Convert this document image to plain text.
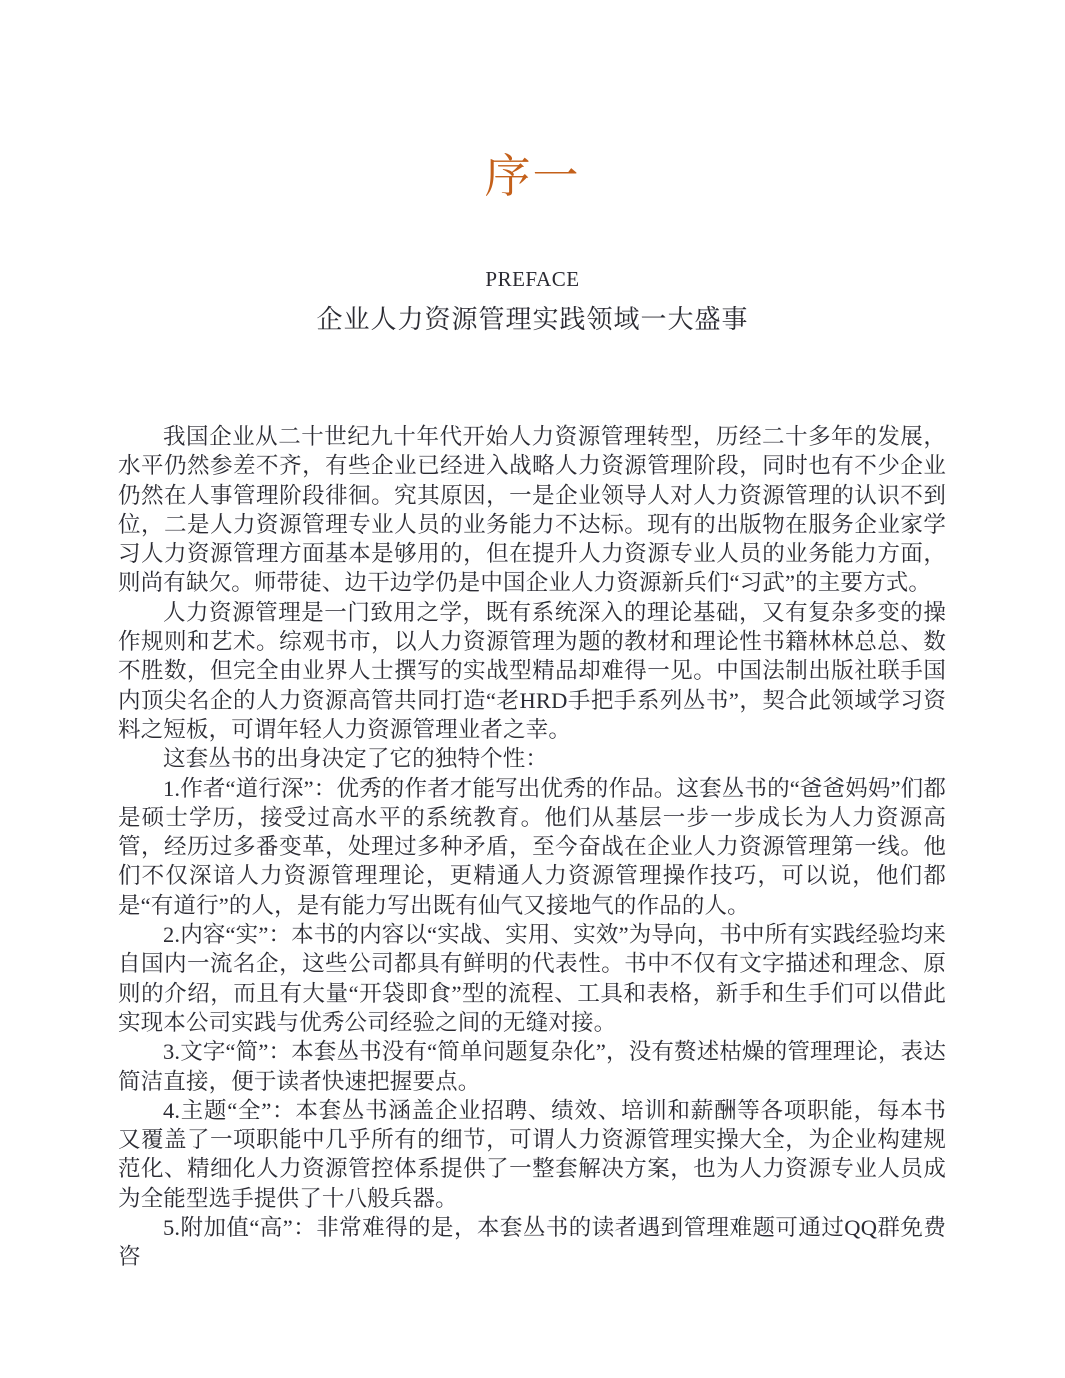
序一
PREFACE
企业人力资源管理实践领域一大盛事

我国企业从二十世纪九十年代开始人力资源管理转型，历经二十多年的发展，水平仍然参差不齐，有些企业已经进入战略人力资源管理阶段，同时也有不少企业仍然在人事管理阶段徘徊。究其原因，一是企业领导人对人力资源管理的认识不到位，二是人力资源管理专业人员的业务能力不达标。现有的出版物在服务企业家学习人力资源管理方面基本是够用的，但在提升人力资源专业人员的业务能力方面，则尚有缺欠。师带徒、边干边学仍是中国企业人力资源新兵们“习武”的主要方式。

人力资源管理是一门致用之学，既有系统深入的理论基础，又有复杂多变的操作规则和艺术。综观书市，以人力资源管理为题的教材和理论性书籍林林总总、数不胜数，但完全由业界人士撰写的实战型精品却难得一见。中国法制出版社联手国内顶尖名企的人力资源高管共同打造“老HRD手把手系列丛书”，契合此领域学习资料之短板，可谓年轻人力资源管理业者之幸。

这套丛书的出身决定了它的独特个性：

1.作者“道行深”：优秀的作者才能写出优秀的作品。这套丛书的“爸爸妈妈”们都是硕士学历，接受过高水平的系统教育。他们从基层一步一步成长为人力资源高管，经历过多番变革，处理过多种矛盾，至今奋战在企业人力资源管理第一线。他们不仅深谙人力资源管理理论，更精通人力资源管理操作技巧，可以说，他们都是“有道行”的人，是有能力写出既有仙气又接地气的作品的人。

2.内容“实”：本书的内容以“实战、实用、实效”为导向，书中所有实践经验均来自国内一流名企，这些公司都具有鲜明的代表性。书中不仅有文字描述和理念、原则的介绍，而且有大量“开袋即食”型的流程、工具和表格，新手和生手们可以借此实现本公司实践与优秀公司经验之间的无缝对接。

3.文字“简”：本套丛书没有“简单问题复杂化”，没有赘述枯燥的管理理论，表达简洁直接，便于读者快速把握要点。

4.主题“全”：本套丛书涵盖企业招聘、绩效、培训和薪酬等各项职能，每本书又覆盖了一项职能中几乎所有的细节，可谓人力资源管理实操大全，为企业构建规范化、精细化人力资源管控体系提供了一整套解决方案，也为人力资源专业人员成为全能型选手提供了十八般兵器。

5.附加值“高”：非常难得的是，本套丛书的读者遇到管理难题可通过QQ群免费咨
